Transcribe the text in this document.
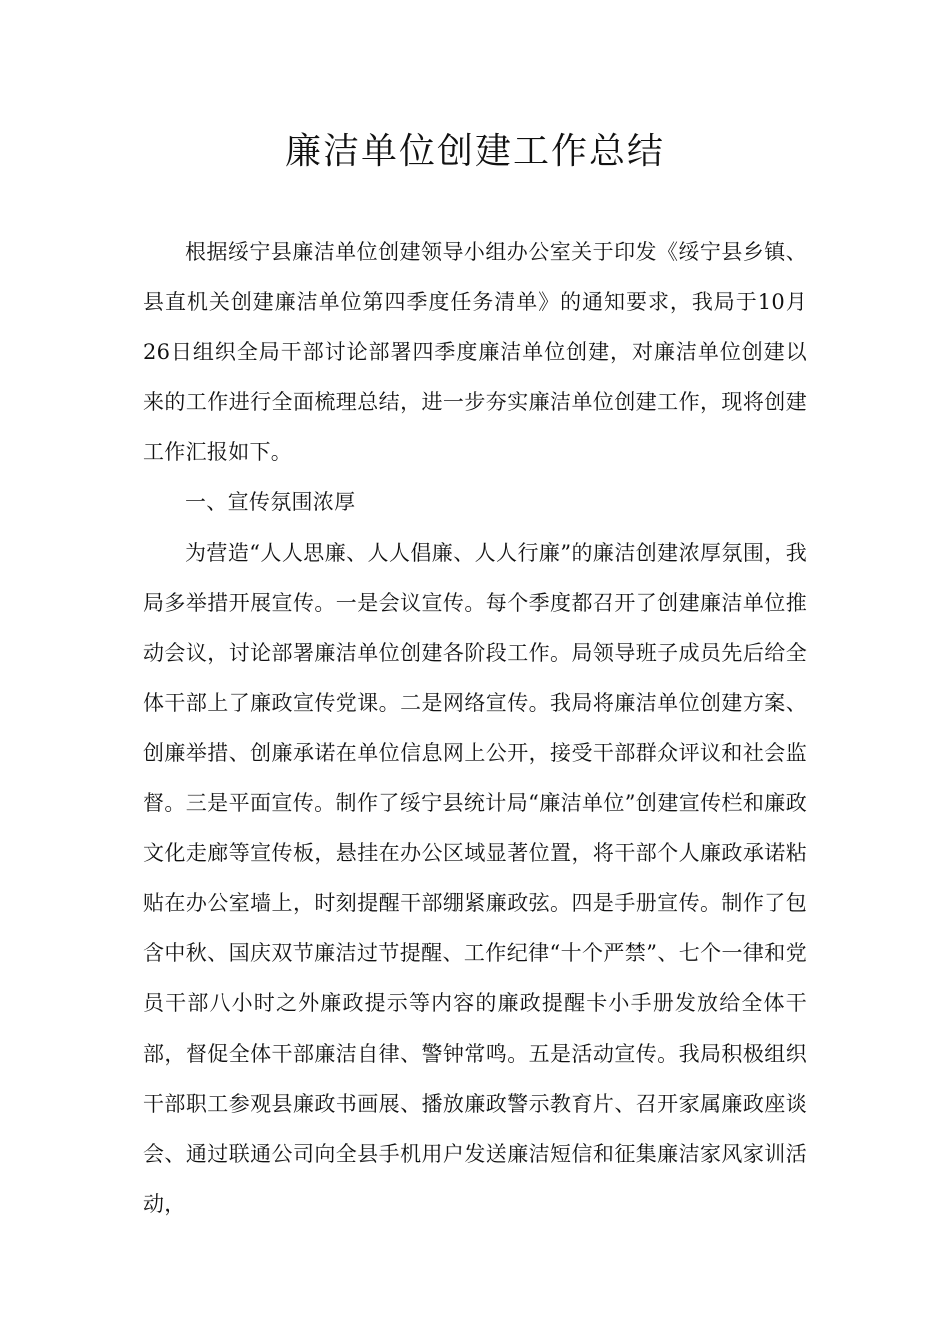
廉洁单位创建工作总结

根据绥宁县廉洁单位创建领导小组办公室关于印发《绥宁县乡镇、县直机关创建廉洁单位第四季度任务清单》的通知要求，我局于10月26日组织全局干部讨论部署四季度廉洁单位创建，对廉洁单位创建以来的工作进行全面梳理总结，进一步夯实廉洁单位创建工作，现将创建工作汇报如下。

一、宣传氛围浓厚

为营造“人人思廉、人人倡廉、人人行廉”的廉洁创建浓厚氛围，我局多举措开展宣传。一是会议宣传。每个季度都召开了创建廉洁单位推动会议，讨论部署廉洁单位创建各阶段工作。局领导班子成员先后给全体干部上了廉政宣传党课。二是网络宣传。我局将廉洁单位创建方案、创廉举措、创廉承诺在单位信息网上公开，接受干部群众评议和社会监督。三是平面宣传。制作了绥宁县统计局“廉洁单位”创建宣传栏和廉政文化走廊等宣传板，悬挂在办公区域显著位置，将干部个人廉政承诺粘贴在办公室墙上，时刻提醒干部绷紧廉政弦。四是手册宣传。制作了包含中秋、国庆双节廉洁过节提醒、工作纪律“十个严禁”、七个一律和党员干部八小时之外廉政提示等内容的廉政提醒卡小手册发放给全体干部，督促全体干部廉洁自律、警钟常鸣。五是活动宣传。我局积极组织干部职工参观县廉政书画展、播放廉政警示教育片、召开家属廉政座谈会、通过联通公司向全县手机用户发送廉洁短信和征集廉洁家风家训活动，
